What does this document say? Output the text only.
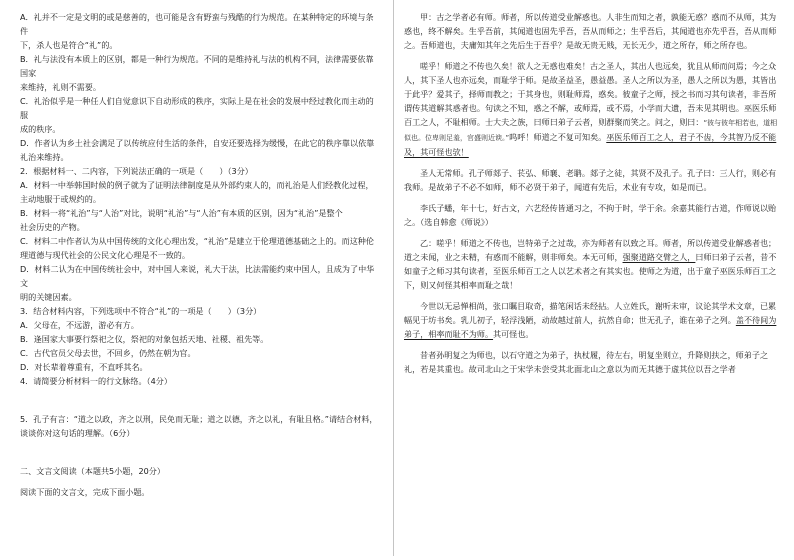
A．礼并不一定是文明的或是慈善的，也可能是含有野蛮与残酷的行为规范。在某种特定的环境与条件

下，杀人也是符合“礼”的。

B．礼与法没有本质上的区别，都是一种行为规范。不同的是维持礼与法的机构不同，法律需要依靠国家

来维持，礼则不需要。

C．礼治似乎是一种任人们自觉意识下自动形成的秩序，实际上是在社会的发展中经过教化而主动的服

成的秩序。

D．作者认为乡土社会满足了以传统应付生活的条件，自安还要选择为缓慢，在此它的秩序靠以依靠

礼治来维持。

2．根据材料一、二内容，下列说法正确的一项是（　　）（3分）

A．材料一中举韩国时候的例子就为了证明法律制度是从外部约束人的，而礼治是人们经教化过程，

主动地服于或规约的。

B．材料一将“礼治”与“人治”对比，说明“礼治”与“人治”有本质的区别，因为“礼治”是整个

社会历史的产物。

C．材料二中作者认为从中国传统的文化心理出发，“礼治”是建立于伦理道德基础之上的。而这种伦

理道德与现代社会的公民文化心理是不一致的。

D．材料二认为在中国传统社会中，对中国人来说，礼大于法，比法需能约束中国人，且成为了中华文

明的关键因素。

3．结合材料内容，下列选项中不符合“礼”的一项是（　　）（3分）

A．父母在，不远游，游必有方。

B．逢国家大事要行祭祀之仪，祭祀的对象包括天地、社稷、祖先等。

C．古代官员父母去世，不回乡，仍然在朝为官。

D．对长辈着尊重有，不直呼其名。

4．请简要分析材料一的行文脉络。（4分）

5．孔子有言：“道之以政，齐之以刑，民免而无耻；道之以德，齐之以礼，有耻且格。”请结合材料，

谈谈你对这句话的理解。（6分）

二、文言文阅读（本题共5小题，20分）

阅读下面的文言文，完成下面小题。

甲：古之学者必有师。师者，所以传道受业解惑也。人非生而知之者，孰能无惑？惑而不从师，其为惑也，终不解矣。生乎吾前，其闻道也固先乎吾，吾从而师之；生乎吾后，其闻道也亦先乎吾，吾从而师之。吾师道也，夫庸知其年之先后生于吾乎？是故无贵无贱，无长无少，道之所存，师之所存也。

嗟乎！师道之不传也久矣！欲人之无惑也难矣！古之圣人，其出人也远矣，犹且从师而问焉；今之众人，其下圣人也亦远矣，而耻学于师。是故圣益圣，愚益愚。圣人之所以为圣，愚人之所以为愚，其皆出于此乎？爱其子，择师而教之；于其身也，则耻师焉，惑矣。彼童子之师，授之书而习其句读者，非吾所谓传其道解其惑者也。句读之不知，惑之不解，或师焉，或不焉，小学而大遗，吾未见其明也。巫医乐师百工之人，不耻相师。士大夫之族，曰师曰弟子云者，则群聚而笑之。问之，则曰：“彼与彼年相若也，道相似也。位卑则足羞，官盛则近谀。”呜呼！师道之不复可知矣。巫医乐师百工之人，君子不齿，今其智乃反不能及，其可怪也欤！

圣人无常师。孔子师郯子、苌弘、师襄、老聃。郯子之徒，其贤不及孔子。孔子曰：三人行，则必有我师。是故弟子不必不如师，师不必贤于弟子，闻道有先后，术业有专攻，如是而已。

李氏子蟠，年十七，好古文，六艺经传皆通习之，不拘于时，学于余。余嘉其能行古道，作师说以贻之。（选自韩愈《师说》）

乙：嗟乎！师道之不传也，岂特弟子之过哉，亦为师者有以致之耳。师者，所以传道受业解惑者也；道之未闻，业之未精，有惑而不能解，则非师矣。本无可师，强聚道路交臂之人，曰师曰弟子云者，昔不如童子之师习其句读者，至医乐师百工之人以艺术者之有其实也。使师之为道，出于童子巫医乐师百工之下，则又何怪其相率而耻之哉！

今世以无忌惮相尚，张口瞩目取奇，描笔闲话未经拈。人立姓氏，谢听未审，议论其学术文章，已累幅见于坊书矣。乳儿初子，轻浮浅陋，动故越过前人，抗然自命；世无孔子，谁在弟子之列。盖不待间为弟子，相率而耻不为师。其可怪也。

昔者孙明复之为师也，以石守道之为弟子，执杖履，待左右，明复坐则立，升降则扶之，师弟子之礼，若是其重也。故司北山之于宋学未尝受其北面北山之意以为而无其德于虚其位以吾之学者
